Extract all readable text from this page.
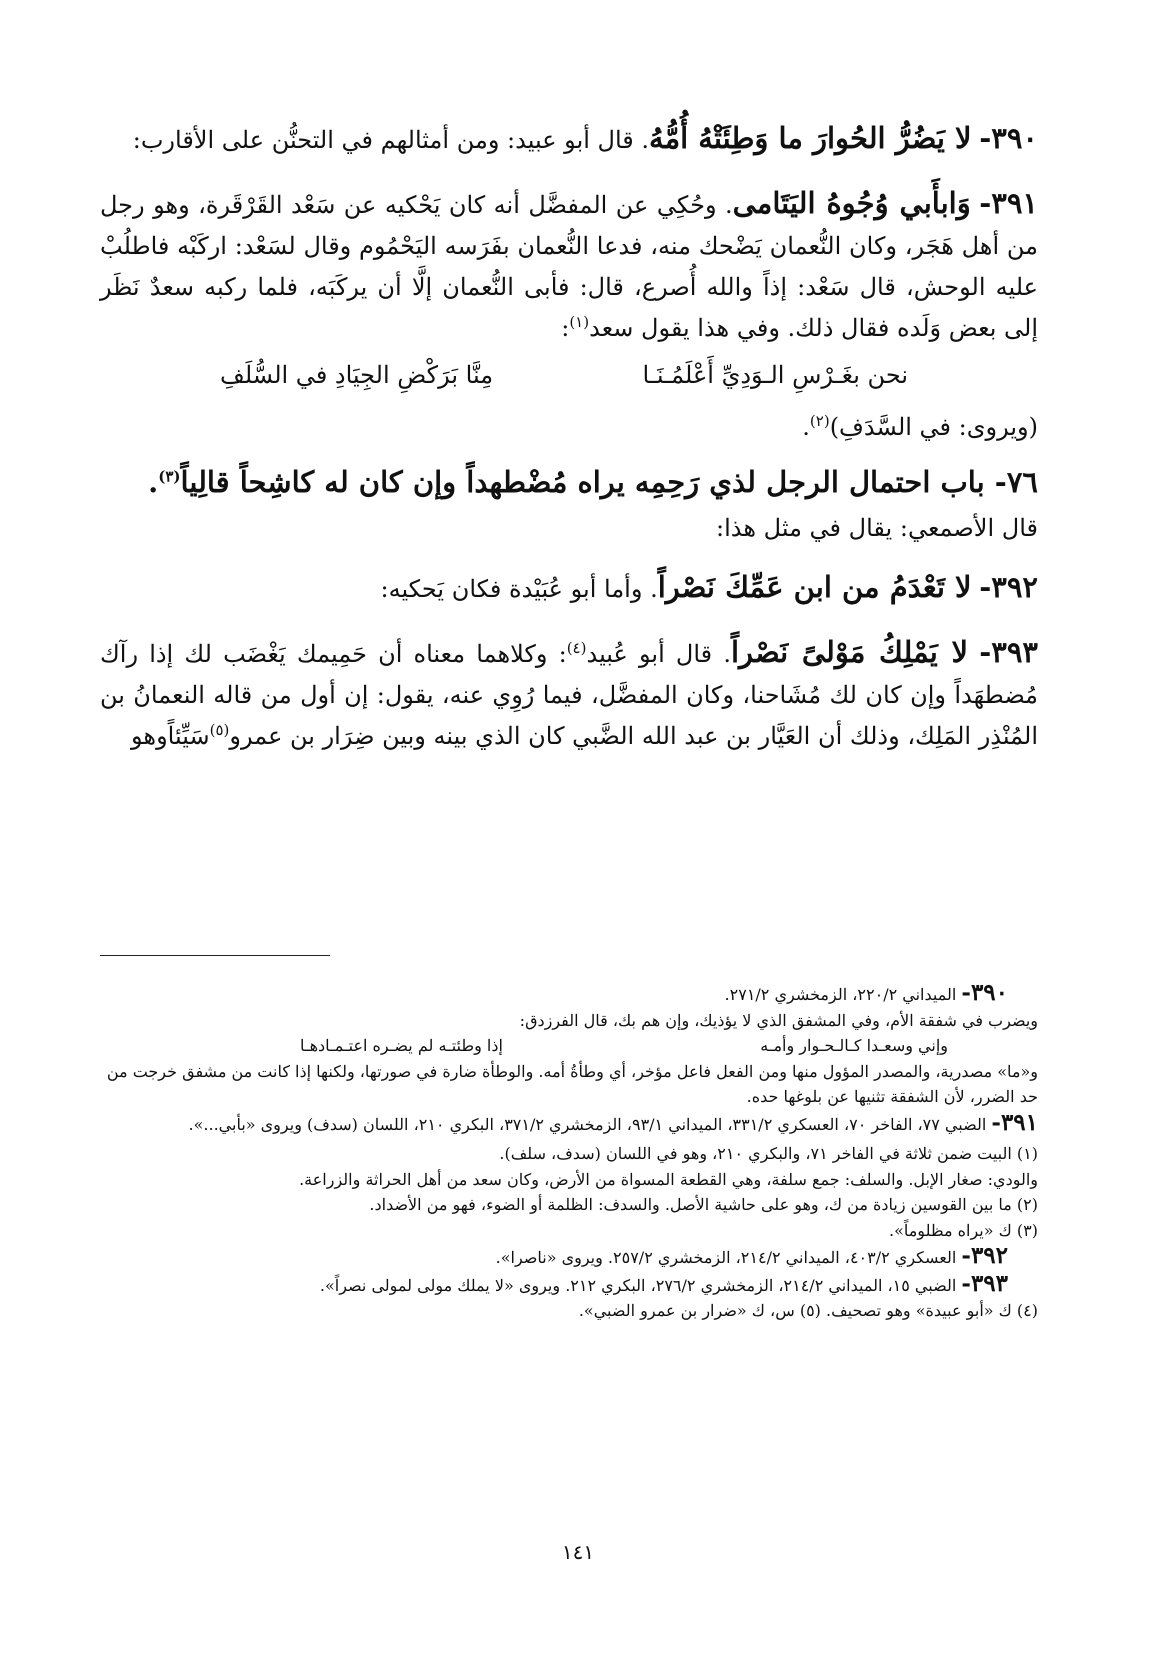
٣٩٠- لا يَضُرُّ الحُوارَ ما وَطِئَتْهُ أُمُّهُ. قال أبو عبيد: ومن أمثالهم في التحنُّن على الأقارب:

٣٩١- وَابأَبي وُجُوهُ اليَتَامى. وحُكِي عن المفضَّل أنه كان يَحْكيه عن سَعْد القَرْقَرة، وهو رجل من أهل هَجَر، وكان النُّعمان يَضْحك منه، فدعا النُّعمان بفَرَسه اليَحْمُوم وقال لسَعْد: اركَبْه فاطلُبْ عليه الوحش، قال سَعْد: إذاً والله أُصرع، قال: فأبى النُّعمان إلَّا أن يركَبَه، فلما ركبه سعدٌ نَظَر إلى بعض وَلَده فقال ذلك. وفي هذا يقول سعد$^{(١)}$:

نحن بغَـرْسِ الـوَدِيِّ أَعْلَمُـنَـا
مِنَّا بَرَكْضِ الجِيَادِ في السُّلَفِ

(ويروى: في السَّدَفِ)$^{(٢)}$.

٧٦- باب احتمال الرجل لذي رَحِمِه يراه مُضْطهداً وإن كان له كاشِحاً قالِياً$^{(٣)}$.

قال الأصمعي: يقال في مثل هذا:

٣٩٢- لا تَعْدَمُ من ابن عَمِّكَ نَصْراً. وأما أبو عُبَيْدة فكان يَحكيه:

٣٩٣- لا يَمْلِكُ مَوْلىً نَصْراً. قال أبو عُبيد$^{(٤)}$: وكلاهما معناه أن حَمِيمك يَغْضَب لك إذا رآك مُضطهَداً وإن كان لك مُشَاحنا، وكان المفضَّل، فيما رُوِي عنه، يقول: إن أول من قاله النعمانُ بن المُنْذِر المَلِك، وذلك أن العَيَّار بن عبد الله الضَّبي كان الذي بينه وبين ضِرَار بن عمرو$^{(٥)}$سَيِّئاًوهو

٣٩٠- الميداني ٢٢٠/٢، الزمخشري ٢٧١/٢.

ويضرب في شفقة الأم، وفي المشفق الذي لا يؤذيك، وإن هم بك، قال الفرزدق:

وإني وسعـدا كـالـحـوار وأمـه
إذا وطئتـه لم يضـره اعتـمـادهـا

و«ما» مصدرية، والمصدر المؤول منها ومن الفعل فاعل مؤخر، أي وطأةُ أمه. والوطأة ضارة في صورتها، ولكنها إذا كانت من مشفق خرجت من حد الضرر، لأن الشفقة تثنيها عن بلوغها حده.

٣٩١- الضبي ٧٧، الفاخر ٧٠، العسكري ٣٣١/٢، الميداني ٩٣/١، الزمخشري ٣٧١/٢، البكري ٢١٠، اللسان (سدف) ويروى «بأبي...».

(١) البيت ضمن ثلاثة في الفاخر ٧١، والبكري ٢١٠، وهو في اللسان (سدف، سلف).

والودي: صغار الإبل. والسلف: جمع سلفة، وهي القطعة المسواة من الأرض، وكان سعد من أهل الحراثة والزراعة.

(٢) ما بين القوسين زيادة من ك، وهو على حاشية الأصل. والسدف: الظلمة أو الضوء، فهو من الأضداد.

(٣) ك «يراه مظلوماً».

٣٩٢- العسكري ٤٠٣/٢، الميداني ٢١٤/٢، الزمخشري ٢٥٧/٢. ويروى «ناصرا».

٣٩٣- الضبي ١٥، الميداني ٢١٤/٢، الزمخشري ٢٧٦/٢، البكري ٢١٢. ويروى «لا يملك مولى لمولى نصراً».

(٤) ك «أبو عبيدة» وهو تصحيف. (٥) س، ك «ضرار بن عمرو الضبي».

١٤١
